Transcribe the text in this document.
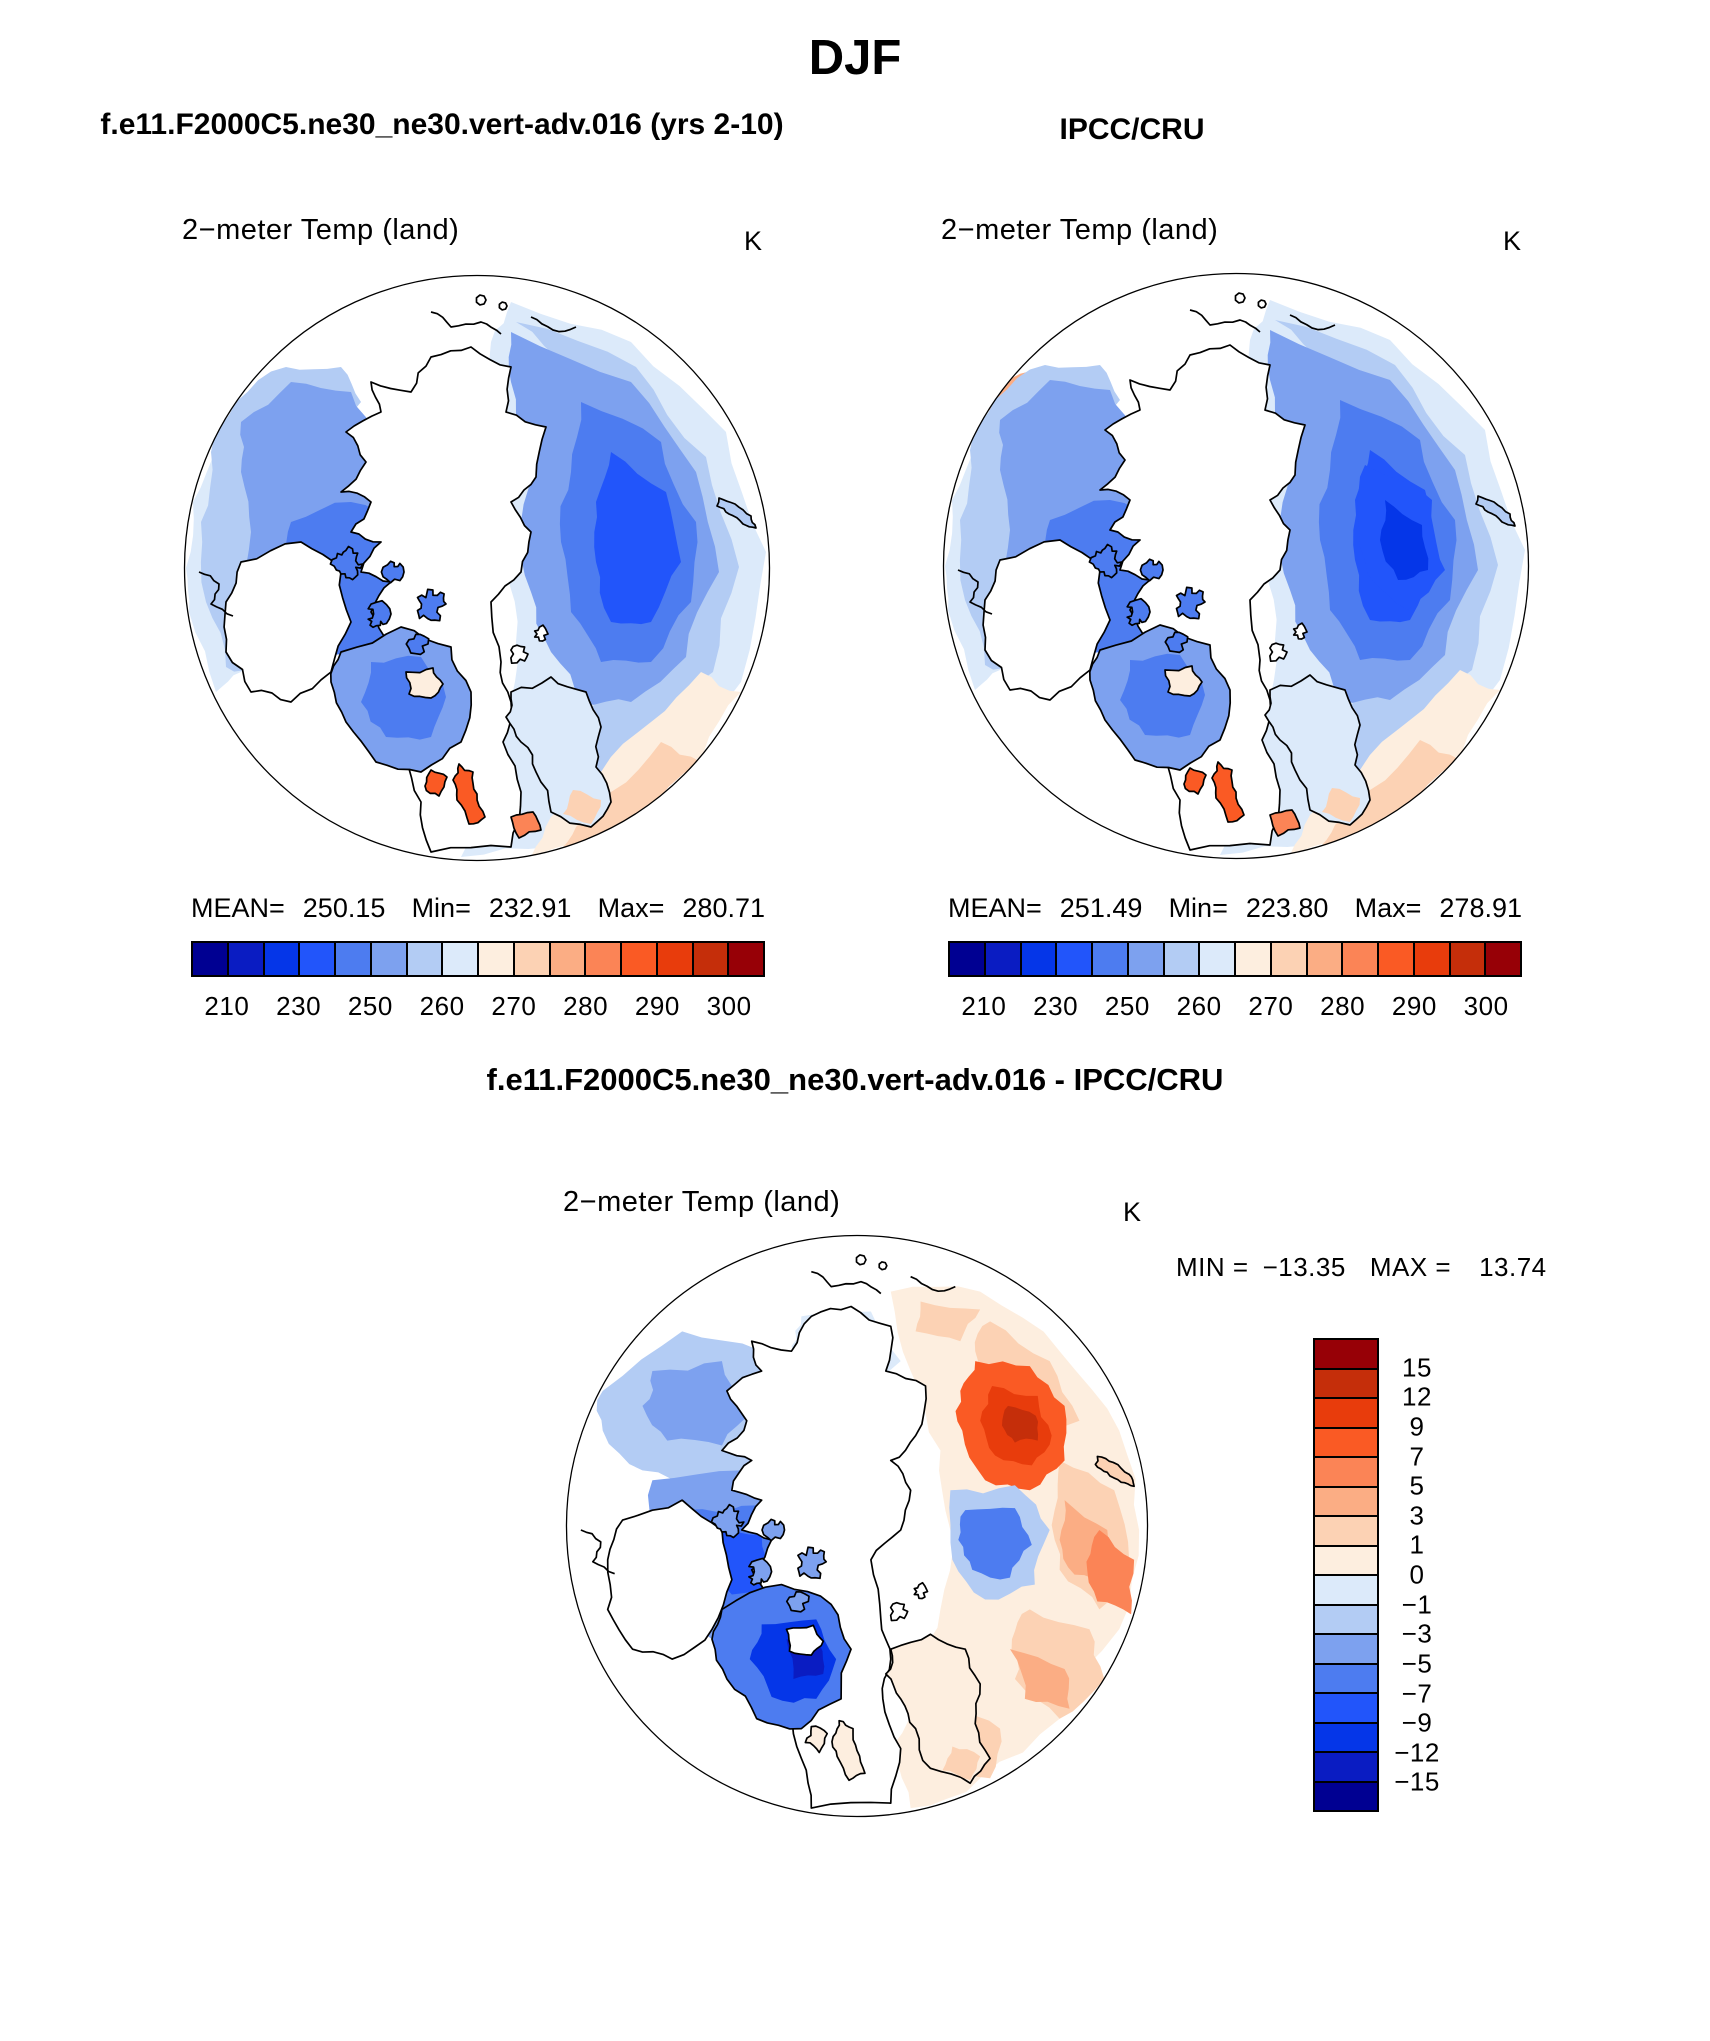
DJF
f.e11.F2000C5.ne30_ne30.vert-adv.016 (yrs 2-10)	IPCC/CRU
2−meter Temp (land)	K
MEAN= 250.15 Min= 232.91 Max= 280.71
210 230 250 260 270 280 290 300
2−meter Temp (land)	K
MEAN= 251.49 Min= 223.80 Max= 278.91
210 230 250 260 270 280 290 300
f.e11.F2000C5.ne30_ne30.vert-adv.016 - IPCC/CRU
2−meter Temp (land)	K
MIN = −13.35 MAX = 13.74
15
12
9
7
5
3
1
0
−1
−3
−5
−7
−9
−12
−15
